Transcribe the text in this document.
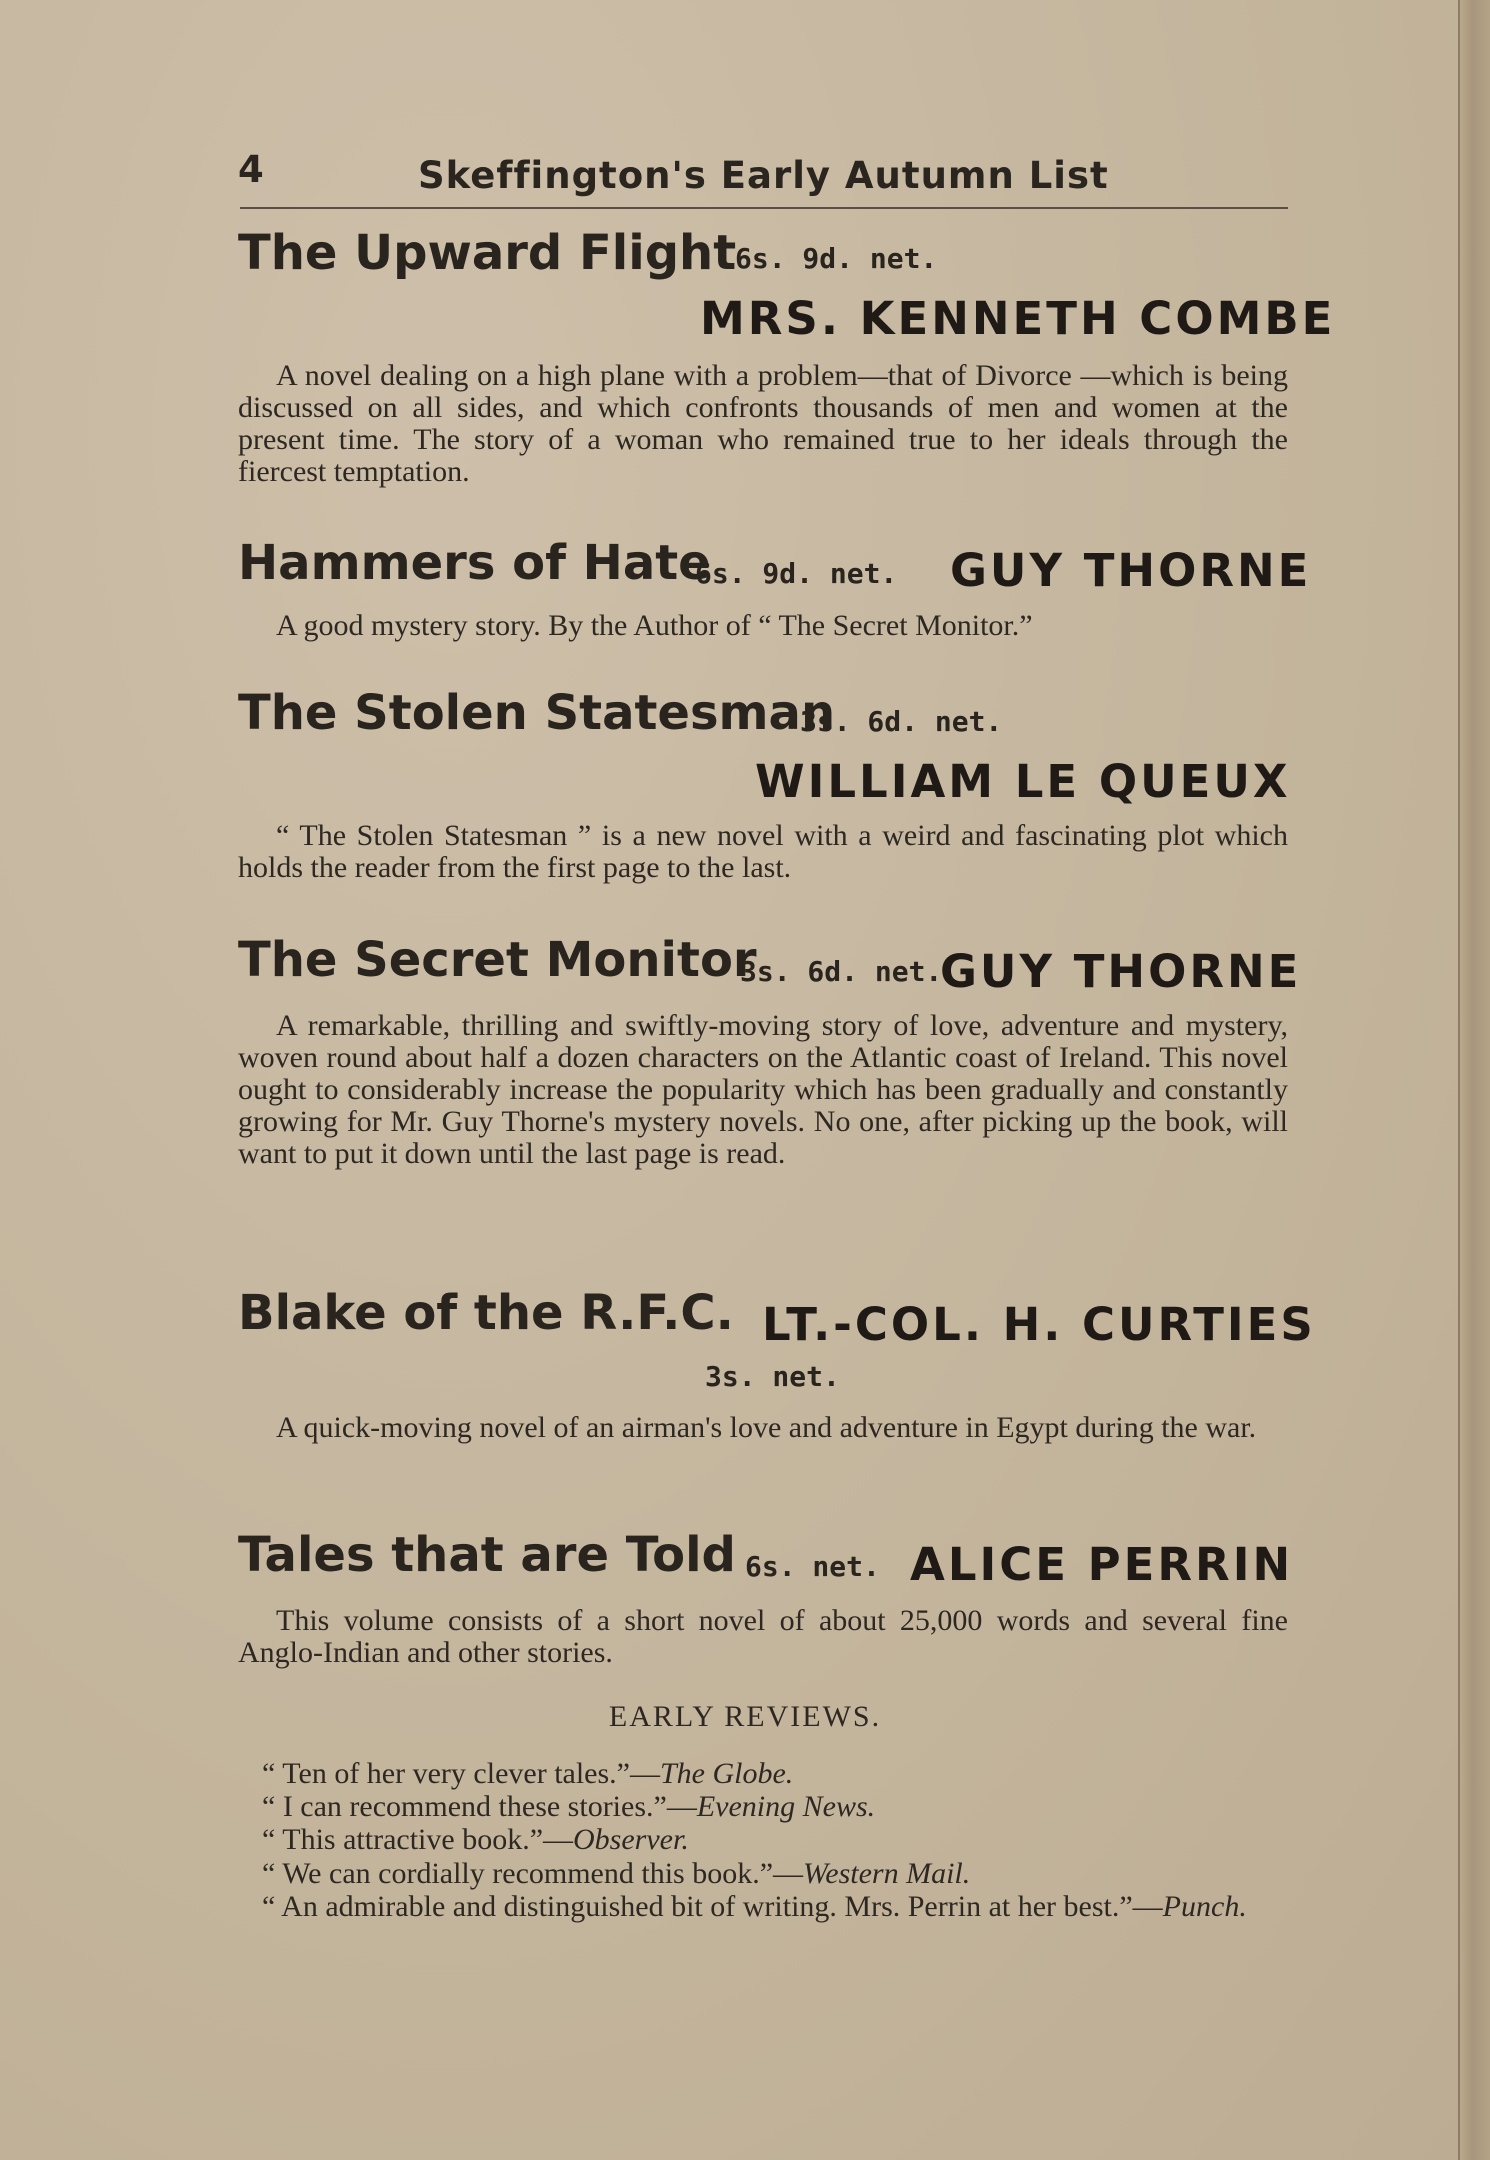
4	Skeffington's Early Autumn List
The Upward Flight
6s. 9d. net.
MRS. KENNETH COMBE
A novel dealing on a high plane with a problem—that of Divorce —which is being discussed on all sides, and which confronts thousands of men and women at the present time. The story of a woman who remained true to her ideals through the fiercest temptation.
Hammers of Hate
6s. 9d. net. GUY THORNE
A good mystery story. By the Author of “ The Secret Monitor.”
The Stolen Statesman
3s. 6d. net.
WILLIAM LE QUEUX
“ The Stolen Statesman ” is a new novel with a weird and fascinating plot which holds the reader from the first page to the last.
The Secret Monitor
3s. 6d. net.
GUY THORNE
A remarkable, thrilling and swiftly-moving story of love, adventure and mystery, woven round about half a dozen characters on the Atlantic coast of Ireland. This novel ought to considerably increase the popularity which has been gradually and constantly growing for Mr. Guy Thorne's mystery novels. No one, after picking up the book, will want to put it down until the last page is read.
Blake of the R.F.C. LT.-COL. H. CURTIES
3s. net.
A quick-moving novel of an airman's love and adventure in Egypt during the war.
Tales that are Told 6s. net. ALICE PERRIN
This volume consists of a short novel of about 25,000 words and several fine Anglo-Indian and other stories.
EARLY REVIEWS.
“ Ten of her very clever tales.”—The Globe.
“ I can recommend these stories.”—Evening News.
“ This attractive book.”—Observer.
“ We can cordially recommend this book.”—Western Mail.
“ An admirable and distinguished bit of writing. Mrs. Perrin at her best.”—Punch.
